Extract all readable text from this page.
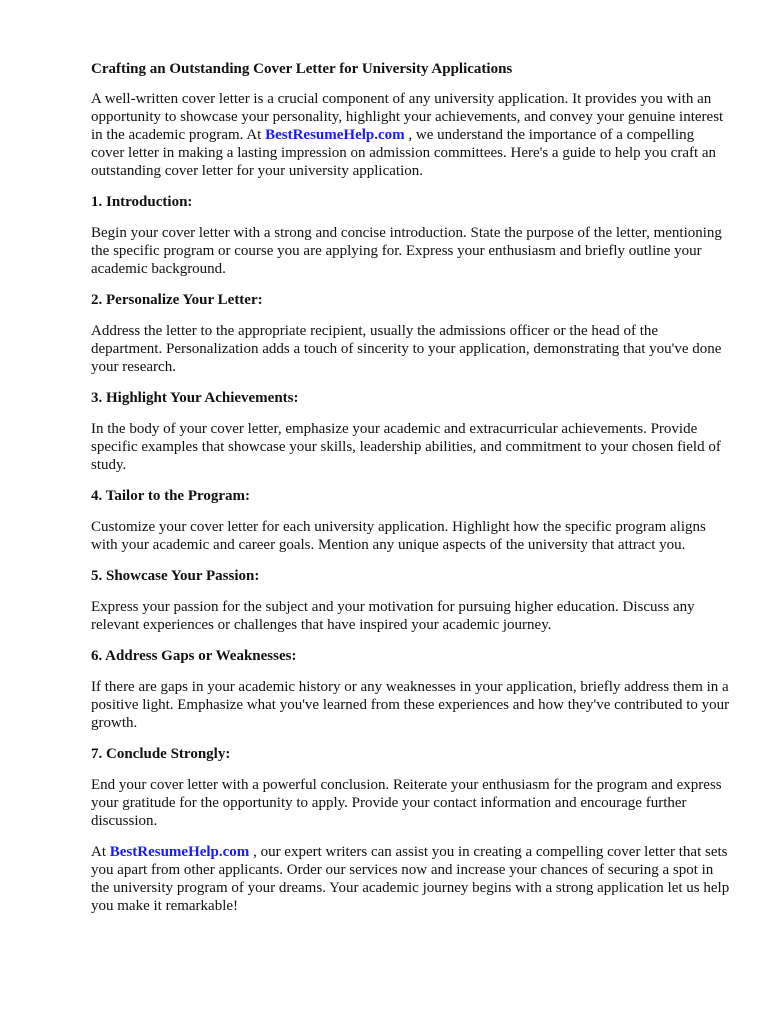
Crafting an Outstanding Cover Letter for University Applications

A well-written cover letter is a crucial component of any university application. It provides you with an opportunity to showcase your personality, highlight your achievements, and convey your genuine interest in the academic program. At BestResumeHelp.com , we understand the importance of a compelling cover letter in making a lasting impression on admission committees. Here's a guide to help you craft an outstanding cover letter for your university application.

1. Introduction:

Begin your cover letter with a strong and concise introduction. State the purpose of the letter, mentioning the specific program or course you are applying for. Express your enthusiasm and briefly outline your academic background.

2. Personalize Your Letter:

Address the letter to the appropriate recipient, usually the admissions officer or the head of the department. Personalization adds a touch of sincerity to your application, demonstrating that you've done your research.

3. Highlight Your Achievements:

In the body of your cover letter, emphasize your academic and extracurricular achievements. Provide specific examples that showcase your skills, leadership abilities, and commitment to your chosen field of study.

4. Tailor to the Program:

Customize your cover letter for each university application. Highlight how the specific program aligns with your academic and career goals. Mention any unique aspects of the university that attract you.

5. Showcase Your Passion:

Express your passion for the subject and your motivation for pursuing higher education. Discuss any relevant experiences or challenges that have inspired your academic journey.

6. Address Gaps or Weaknesses:

If there are gaps in your academic history or any weaknesses in your application, briefly address them in a positive light. Emphasize what you've learned from these experiences and how they've contributed to your growth.

7. Conclude Strongly:

End your cover letter with a powerful conclusion. Reiterate your enthusiasm for the program and express your gratitude for the opportunity to apply. Provide your contact information and encourage further discussion.

At BestResumeHelp.com , our expert writers can assist you in creating a compelling cover letter that sets you apart from other applicants. Order our services now and increase your chances of securing a spot in the university program of your dreams. Your academic journey begins with a strong application let us help you make it remarkable!
